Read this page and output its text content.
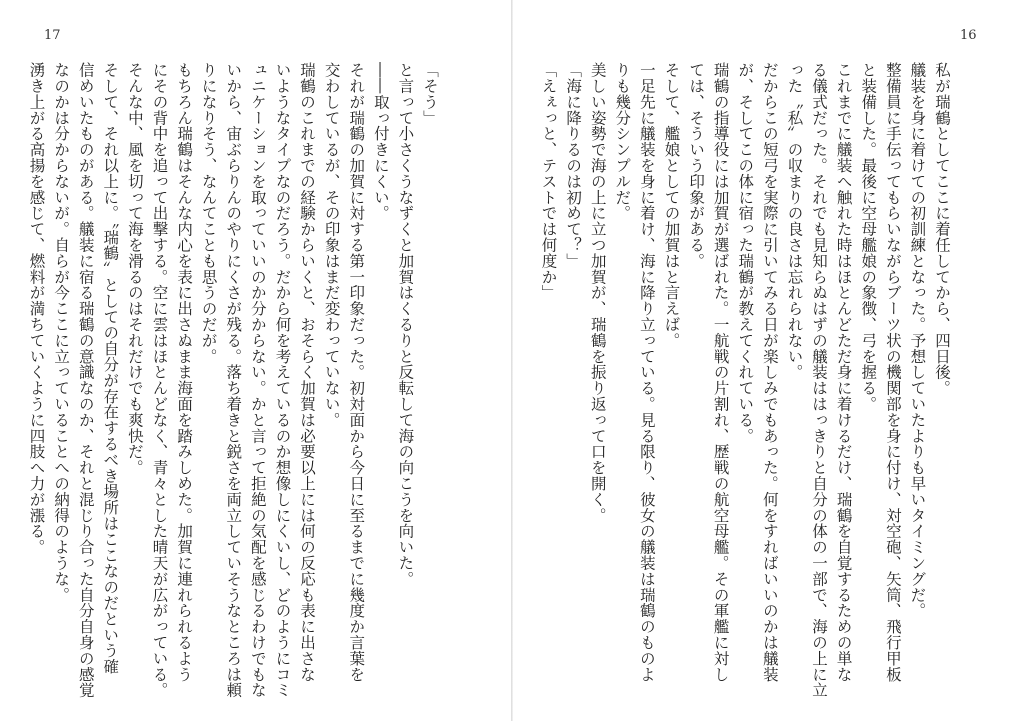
17
「そう」
と言って小さくうなずくと加賀はくるりと反転して海の向こうを向いた。
――取っ付きにくい。
それが瑞鶴の加賀に対する第一印象だった。初対面から今日に至るまでに幾度か言葉を
交わしているが、その印象はまだ変わっていない。
瑞鶴のこれまでの経験からいくと、おそらく加賀は必要以上には何の反応も表に出さな
いようなタイプなのだろう。だから何を考えているのか想像しにくいし、どのようにコミ
ュニケーションを取っていいのか分からない。かと言って拒絶の気配を感じるわけでもな
いから、宙ぶらりんのやりにくさが残る。落ち着きと鋭さを両立していそうなところは頼
りになりそう、なんてことも思うのだが。
もちろん瑞鶴はそんな内心を表に出さぬまま海面を踏みしめた。加賀に連れられるよう
にその背中を追って出撃する。空に雲はほとんどなく、青々とした晴天が広がっている。
そんな中、風を切って海を滑るのはそれだけでも爽快だ。
そして、それ以上に。〝瑞鶴〟としての自分が存在するべき場所はここなのだという確
信めいたものがある。艤装に宿る瑞鶴の意識なのか、それと混じり合った自分自身の感覚
なのかは分からないが。自らが今ここに立っていることへの納得のような。
湧き上がる高揚を感じて、燃料が満ちていくように四肢へ力が漲る。
16
私が瑞鶴としてここに着任してから、四日後。
艤装を身に着けての初訓練となった。予想していたよりも早いタイミングだ。
整備員に手伝ってもらいながらブーツ状の機関部を身に付け、対空砲、矢筒、飛行甲板
と装備した。最後に空母艦娘の象徴、弓を握る。
これまでに艤装へ触れた時はほとんどただ身に着けるだけ、瑞鶴を自覚するための単な
る儀式だった。それでも見知らぬはずの艤装ははっきりと自分の体の一部で、海の上に立
った〝私〟の収まりの良さは忘れられない。
だからこの短弓を実際に引いてみる日が楽しみでもあった。何をすればいいのかは艤装
が、そしてこの体に宿った瑞鶴が教えてくれている。
瑞鶴の指導役には加賀が選ばれた。一航戦の片割れ、歴戦の航空母艦。その軍艦に対し
ては、そういう印象がある。
そして、艦娘としての加賀はと言えば。
一足先に艤装を身に着け、海に降り立っている。見る限り、彼女の艤装は瑞鶴のものよ
りも幾分シンプルだ。
美しい姿勢で海の上に立つ加賀が、瑞鶴を振り返って口を開く。
「海に降りるのは初めて？」
「えぇっと、テストでは何度か」
